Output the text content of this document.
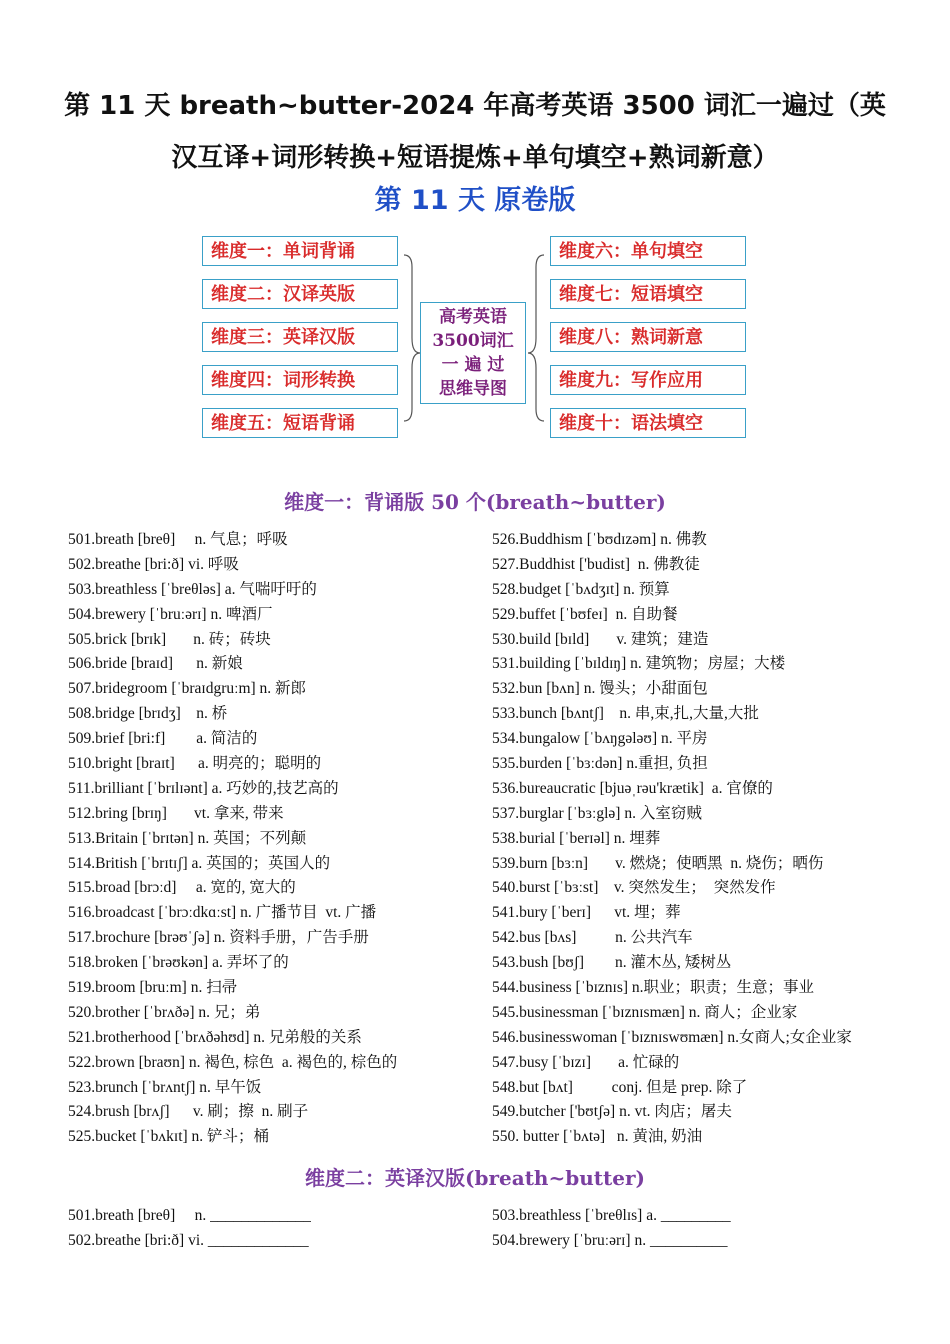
第 11 天 breath~butter-2024 年高考英语 3500 词汇一遍过（英汉互译+词形转换+短语提炼+单句填空+熟词新意）
第 11 天 原卷版
维度一：单词背诵
维度二：汉译英版
维度三：英译汉版
维度四：词形转换
维度五：短语背诵
高考英语
3500词汇
一 遍 过
思维导图
维度六：单句填空
维度七：短语填空
维度八：熟词新意
维度九：写作应用
维度十：语法填空
维度一：背诵版 50 个(breath~butter)
501.breath [breθ]     n. 气息；呼吸
502.breathe [bri:ð] vi. 呼吸
503.breathless [ˈbreθləs] a. 气喘吁吁的
504.brewery [ˈbruːərɪ] n. 啤酒厂
505.brick [brɪk]       n. 砖；砖块
506.bride [braɪd]      n. 新娘
507.bridegroom [ˈbraɪdgruːm] n. 新郎
508.bridge [brɪdʒ]    n. 桥
509.brief [bri:f]        a. 简洁的
510.bright [braɪt]      a. 明亮的；聪明的
511.brilliant [ˈbrɪlɪənt] a. 巧妙的,技艺高的
512.bring [brɪŋ]       vt. 拿来, 带来
513.Britain [ˈbrɪtən] n. 英国；不列颠
514.British [ˈbrɪtɪʃ] a. 英国的；英国人的
515.broad [brɔːd]     a. 宽的, 宽大的
516.broadcast [ˈbrɔːdkɑːst] n. 广播节目  vt. 广播
517.brochure [brəʊˈʃə] n. 资料手册，广告手册
518.broken [ˈbrəʊkən] a. 弄坏了的
519.broom [bruːm] n. 扫帚
520.brother [ˈbrʌðə] n. 兄；弟
521.brotherhood [ˈbrʌðəhʊd] n. 兄弟般的关系
522.brown [braʊn] n. 褐色, 棕色  a. 褐色的, 棕色的
523.brunch [ˈbrʌntʃ] n. 早午饭
524.brush [brʌʃ]      v. 刷；擦  n. 刷子
525.bucket [ˈbʌkɪt] n. 铲斗；桶
526.Buddhism [ˈbʊdɪzəm] n. 佛教
527.Buddhist ['budist]  n. 佛教徒
528.budget [ˈbʌdʒɪt] n. 预算
529.buffet [ˈbʊfeɪ]  n. 自助餐
530.build [bɪld]       v. 建筑；建造
531.building [ˈbɪldɪŋ] n. 建筑物；房屋；大楼
532.bun [bʌn] n. 馒头；小甜面包
533.bunch [bʌntʃ]    n. 串,束,扎,大量,大批
534.bungalow [ˈbʌŋgələʊ] n. 平房
535.burden [ˈbɜːdən] n.重担, 负担
536.bureaucratic [bjuəˌrəu'krætik]  a. 官僚的
537.burglar [ˈbɜːglə] n. 入室窃贼
538.burial [ˈberɪəl] n. 埋葬
539.burn [bɜːn]       v. 燃烧；使晒黑  n. 烧伤；晒伤
540.burst [ˈbɜːst]    v. 突然发生；  突然发作
541.bury [ˈberɪ]      vt. 埋；葬
542.bus [bʌs]          n. 公共汽车
543.bush [bʊʃ]        n. 灌木丛, 矮树丛
544.business [ˈbɪznɪs] n.职业；职责；生意；事业
545.businessman [ˈbɪznɪsmæn] n. 商人；企业家
546.businesswoman [ˈbɪznɪswʊmæn] n.女商人;女企业家
547.busy [ˈbɪzɪ]       a. 忙碌的
548.but [bʌt]          conj. 但是 prep. 除了
549.butcher ['bʊtʃə] n. vt. 肉店；屠夫
550. butter [ˈbʌtə]   n. 黄油, 奶油
维度二：英译汉版(breath~butter)
501.breath [breθ]     n. _____________
502.breathe [bri:ð] vi. _____________
503.breathless [ˈbreθlɪs] a. _________
504.brewery [ˈbruːərɪ] n. __________
